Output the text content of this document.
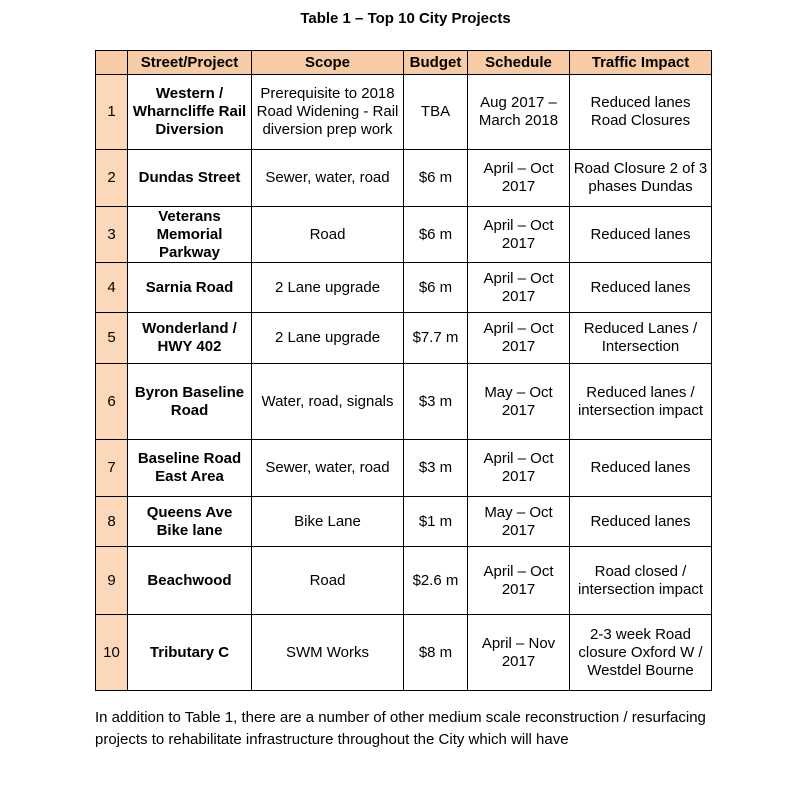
Table 1 – Top 10 City Projects
	Street/Project	Scope	Budget	Schedule	Traffic Impact
1	Western / Wharncliffe Rail Diversion	Prerequisite to 2018 Road Widening - Rail diversion prep work	TBA	Aug 2017 – March 2018	Reduced lanes Road Closures
2	Dundas Street	Sewer, water, road	$6 m	April – Oct 2017	Road Closure 2 of 3 phases Dundas
3	Veterans Memorial Parkway	Road	$6 m	April – Oct 2017	Reduced lanes
4	Sarnia Road	2 Lane upgrade	$6 m	April – Oct 2017	Reduced lanes
5	Wonderland / HWY 402	2 Lane upgrade	$7.7 m	April – Oct 2017	Reduced Lanes / Intersection
6	Byron Baseline Road	Water, road, signals	$3 m	May – Oct 2017	Reduced lanes / intersection impact
7	Baseline Road East Area	Sewer, water, road	$3 m	April – Oct 2017	Reduced lanes
8	Queens Ave Bike lane	Bike Lane	$1 m	May – Oct 2017	Reduced lanes
9	Beachwood	Road	$2.6 m	April – Oct 2017	Road closed / intersection impact
10	Tributary C	SWM Works	$8 m	April – Nov 2017	2-3 week Road closure Oxford W / Westdel Bourne
In addition to Table 1, there are a number of other medium scale reconstruction / resurfacing projects to rehabilitate infrastructure throughout the City which will have
